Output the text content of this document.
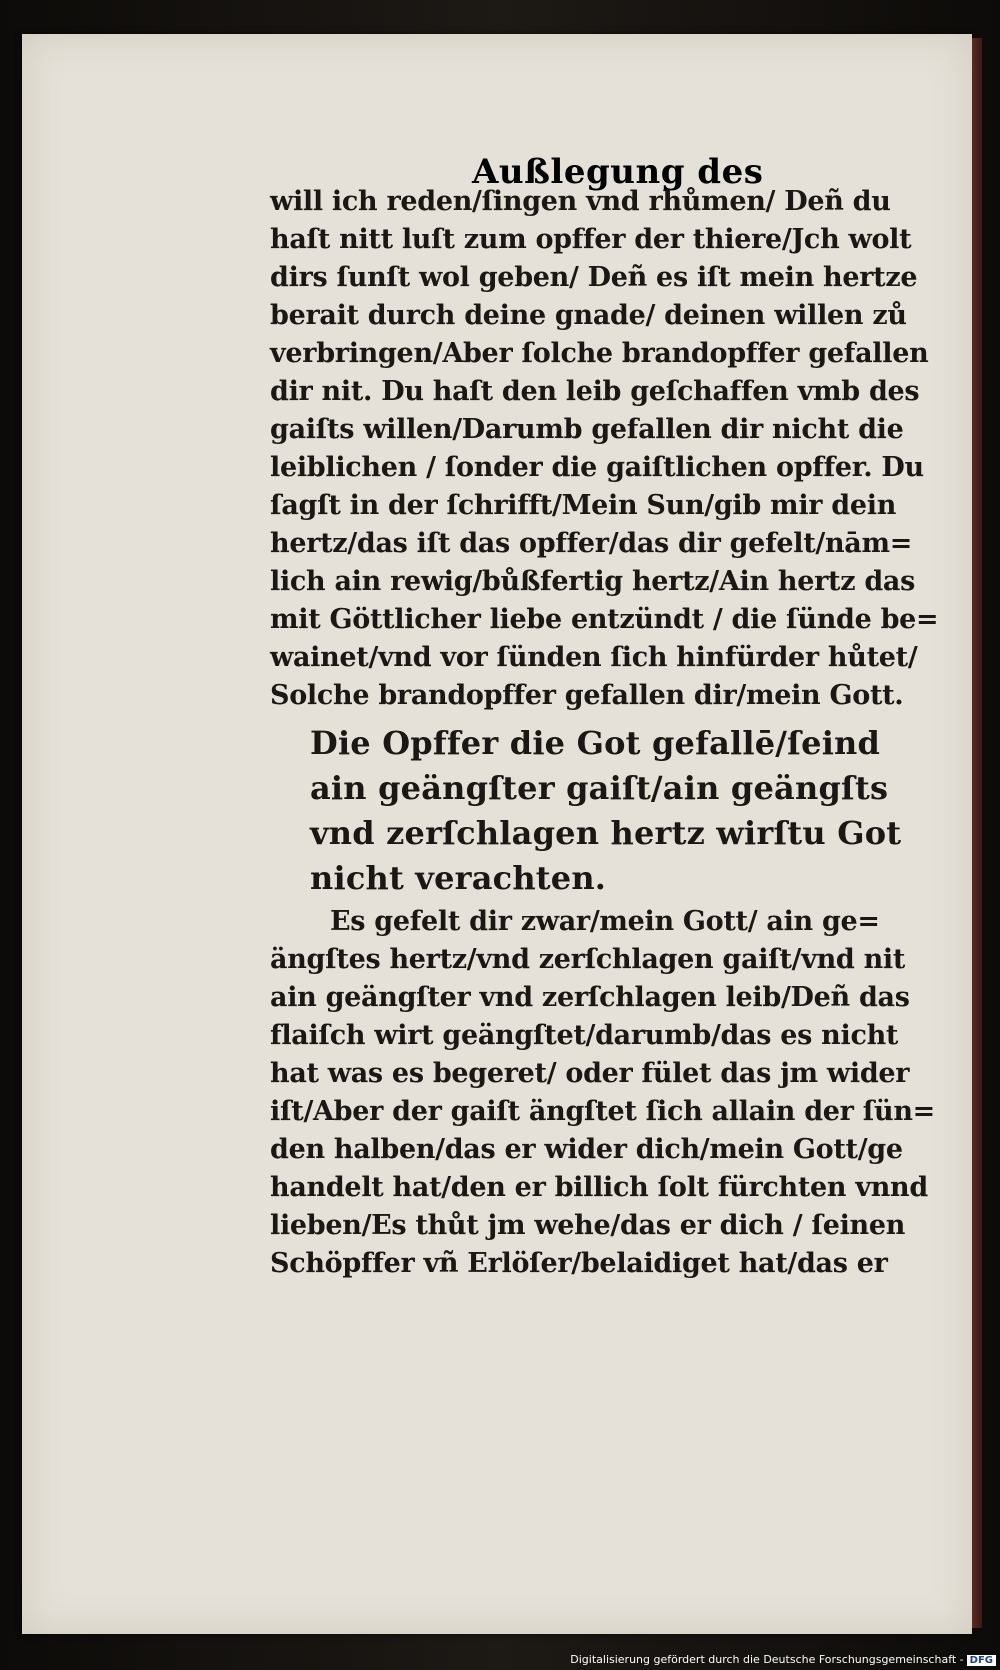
Außlegung des
will ich reden/ſingen vnd rhůmen/ Deñ du
haſt nitt luſt zum opffer der thiere/Jch wolt
dirs ſunſt wol geben/ Deñ es iſt mein hertze
berait durch deine gnade/ deinen willen zů
verbringen/Aber ſolche brandopffer gefallen
dir nit. Du haſt den leib geſchaffen vmb des
gaiſts willen/Darumb gefallen dir nicht die
leiblichen / ſonder die gaiſtlichen opffer. Du
ſagſt in der ſchrifft/Mein Sun/gib mir dein
hertz/das iſt das opffer/das dir gefelt/nām=
lich ain rewig/bůßfertig hertz/Ain hertz das
mit Göttlicher liebe entzündt / die ſünde be=
wainet/vnd vor ſünden ſich hinfürder hůtet/
Solche brandopffer gefallen dir/mein Gott.
Die Opffer die Got gefallē/ſeind
ain geängſter gaiſt/ain geängſts
vnd zerſchlagen hertz wirſtu Got
nicht verachten.
Es gefelt dir zwar/mein Gott/ ain ge=
ängſtes hertz/vnd zerſchlagen gaiſt/vnd nit
ain geängſter vnd zerſchlagen leib/Deñ das
flaiſch wirt geängſtet/darumb/das es nicht
hat was es begeret/ oder fület das jm wider
iſt/Aber der gaiſt ängſtet ſich allain der ſün=
den halben/das er wider dich/mein Gott/ge
handelt hat/den er billich ſolt fürchten vnnd
lieben/Es thůt jm wehe/das er dich / ſeinen
Schöpffer vñ Erlöſer/belaidiget hat/das er
Digitalisierung gefördert durch die Deutsche Forschungsgemeinschaft - DFG
